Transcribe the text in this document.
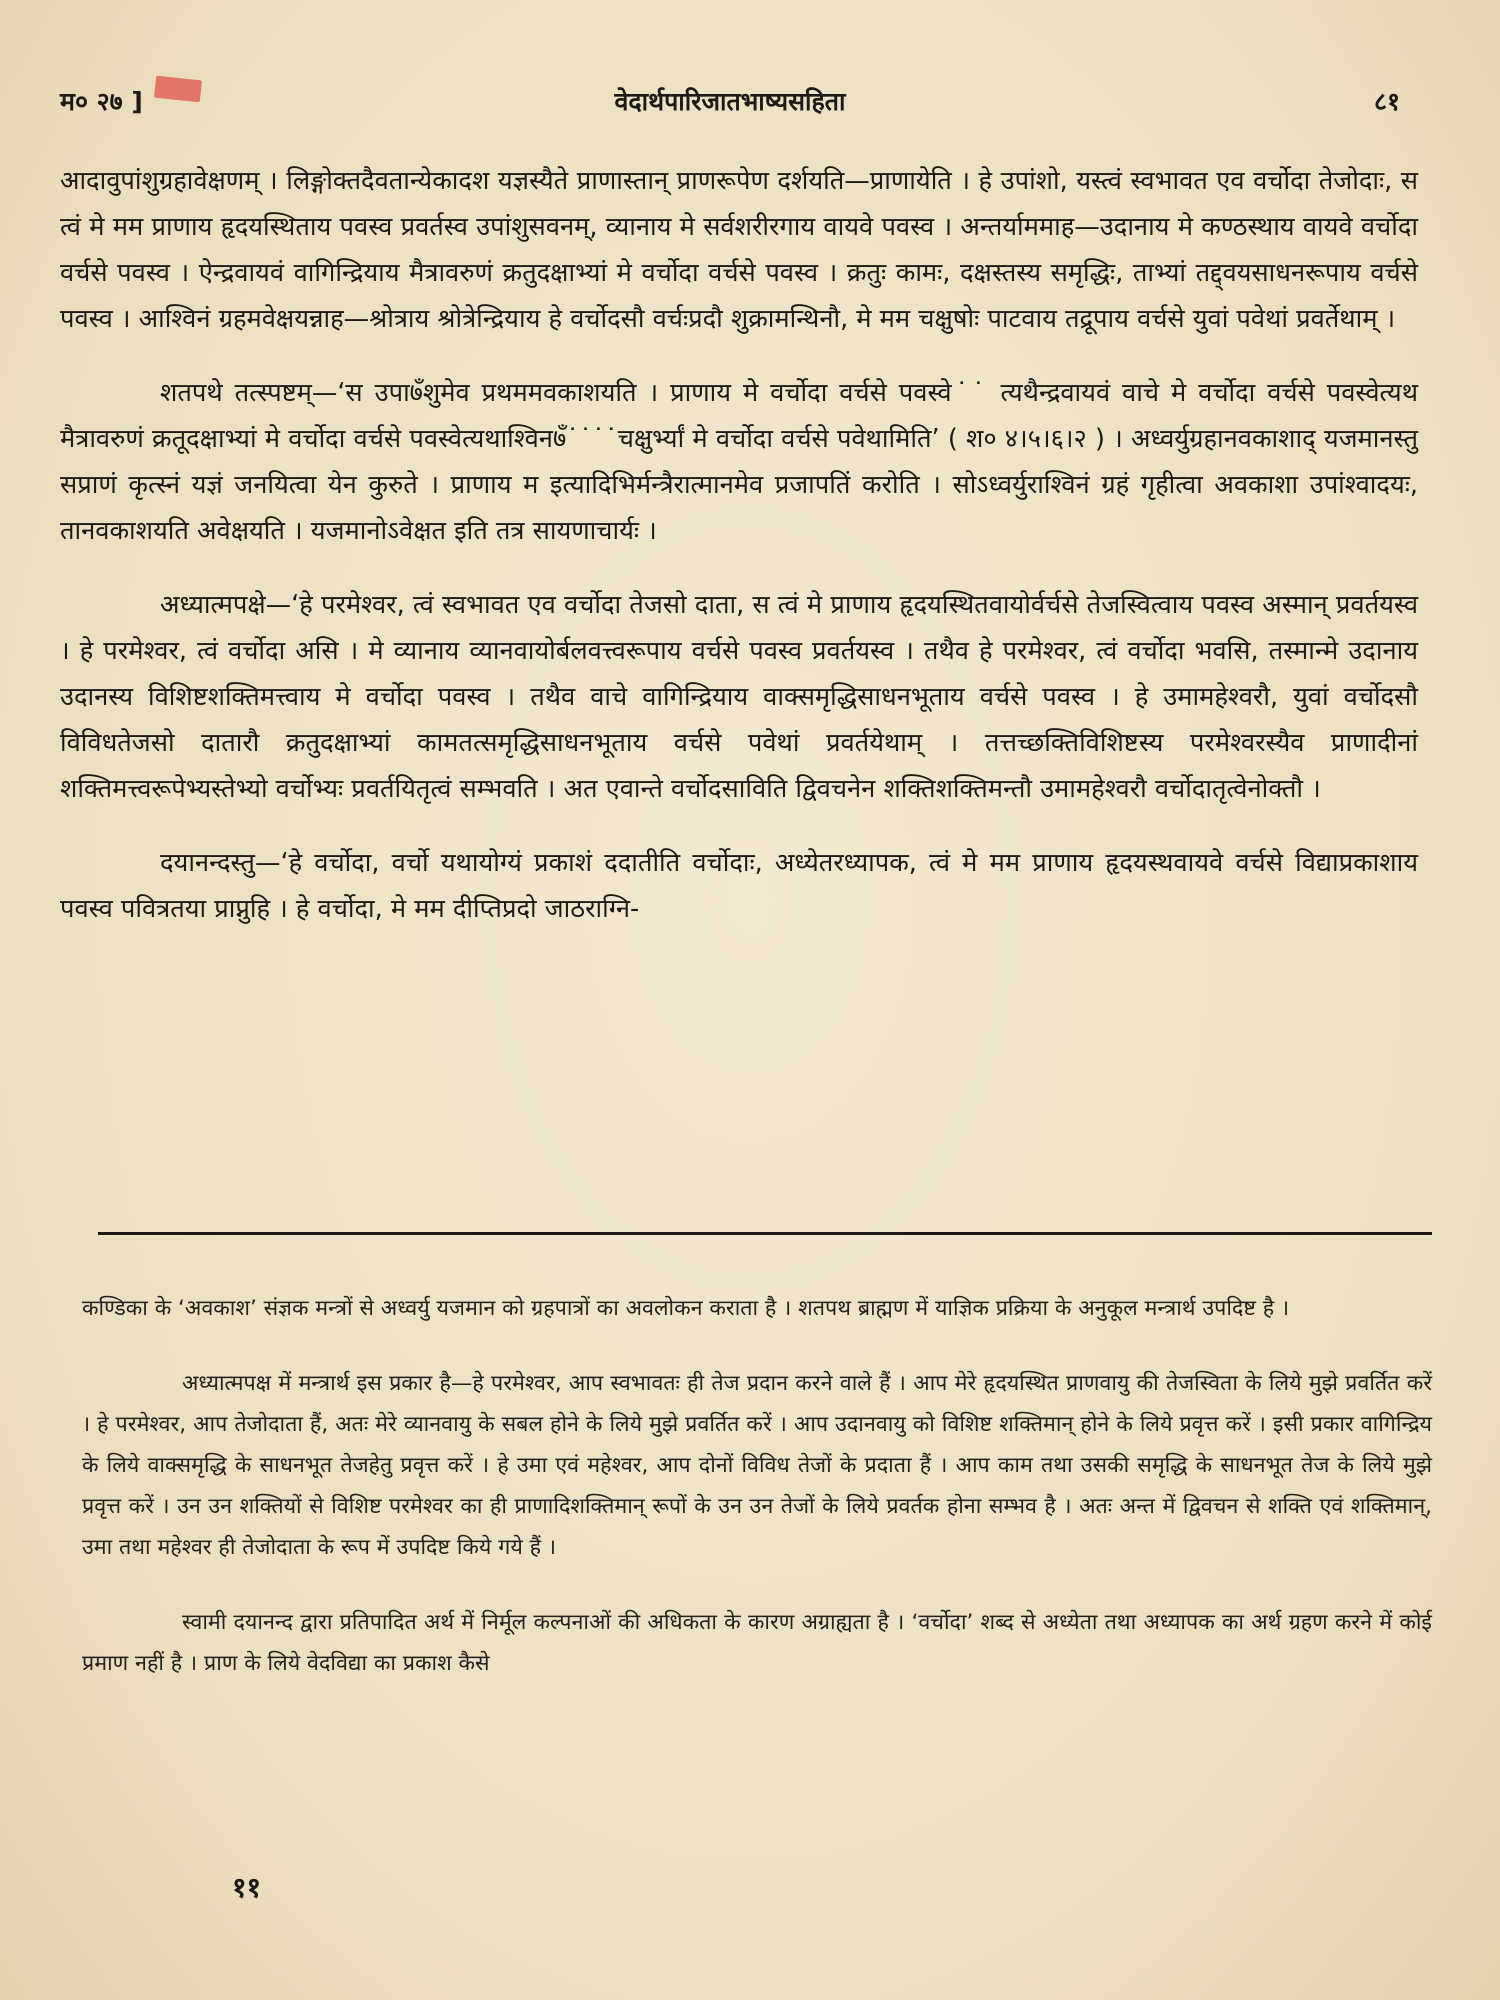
म० २७ ]	वेदार्थपारिजातभाष्यसहिता	८१

आदावुपांशुग्रहावेक्षणम् । लिङ्गोक्तदैवतान्येकादश यज्ञस्यैते प्राणास्तान् प्राणरूपेण दर्शयति—प्राणायेति । हे उपांशो, यस्त्वं स्वभावत एव वर्चोदा तेजोदाः, स त्वं मे मम प्राणाय हृदयस्थिताय पवस्व प्रवर्तस्व उपांशुसवनम्, व्यानाय मे सर्वशरीरगाय वायवे पवस्व । अन्तर्याममाह—उदानाय मे कण्ठस्थाय वायवे वर्चोदा वर्चसे पवस्व । ऐन्द्रवायवं वागिन्द्रियाय मैत्रावरुणं क्रतुदक्षाभ्यां मे वर्चोदा वर्चसे पवस्व । क्रतुः कामः, दक्षस्तस्य समृद्धिः, ताभ्यां तद्द्वयसाधनरूपाय वर्चसे पवस्व । आश्विनं ग्रहमवेक्षयन्नाह—श्रोत्राय श्रोत्रेन्द्रियाय हे वर्चोदसौ वर्चःप्रदौ शुक्रामन्थिनौ, मे मम चक्षुषोः पाटवाय तद्रूपाय वर्चसे युवां पवेथां प्रवर्तेथाम् ।

शतपथे तत्स्पष्टम्—‘स उपा७ँशुमेव प्रथममवकाशयति । प्राणाय मे वर्चोदा वर्चसे पवस्वे˙˙ त्यथैन्द्रवायवं वाचे मे वर्चोदा वर्चसे पवस्वेत्यथ मैत्रावरुणं क्रतूदक्षाभ्यां मे वर्चोदा वर्चसे पवस्वेत्यथाश्विन७ँ˙˙˙˙चक्षुर्भ्यां मे वर्चोदा वर्चसे पवेथामिति’ ( श० ४।५।६।२ ) । अध्वर्युग्रहानवकाशाद् यजमानस्तु सप्राणं कृत्स्नं यज्ञं जनयित्वा येन कुरुते । प्राणाय म इत्यादिभिर्मन्त्रैरात्मानमेव प्रजापतिं करोति । सोऽध्वर्युराश्विनं ग्रहं गृहीत्वा अवकाशा उपांश्वादयः, तानवकाशयति अवेक्षयति । यजमानोऽवेक्षत इति तत्र सायणाचार्यः ।

अध्यात्मपक्षे—‘हे परमेश्वर, त्वं स्वभावत एव वर्चोदा तेजसो दाता, स त्वं मे प्राणाय हृदयस्थितवायोर्वर्चसे तेजस्वित्वाय पवस्व अस्मान् प्रवर्तयस्व । हे परमेश्वर, त्वं वर्चोदा असि । मे व्यानाय व्यानवायोर्बलवत्त्वरूपाय वर्चसे पवस्व प्रवर्तयस्व । तथैव हे परमेश्वर, त्वं वर्चोदा भवसि, तस्मान्मे उदानाय उदानस्य विशिष्टशक्तिमत्त्वाय मे वर्चोदा पवस्व । तथैव वाचे वागिन्द्रियाय वाक्समृद्धिसाधनभूताय वर्चसे पवस्व । हे उमामहेश्वरौ, युवां वर्चोदसौ विविधतेजसो दातारौ क्रतुदक्षाभ्यां कामतत्समृद्धिसाधनभूताय वर्चसे पवेथां प्रवर्तयेथाम् । तत्तच्छक्तिविशिष्टस्य परमेश्वरस्यैव प्राणादीनां शक्तिमत्त्वरूपेभ्यस्तेभ्यो वर्चोभ्यः प्रवर्तयितृत्वं सम्भवति । अत एवान्ते वर्चोदसाविति द्विवचनेन शक्तिशक्तिमन्तौ उमामहेश्वरौ वर्चोदातृत्वेनोक्तौ ।

दयानन्दस्तु—‘हे वर्चोदा, वर्चो यथायोग्यं प्रकाशं ददातीति वर्चोदाः, अध्येतरध्यापक, त्वं मे मम प्राणाय हृदयस्थवायवे वर्चसे विद्याप्रकाशाय पवस्व पवित्रतया प्राप्नुहि । हे वर्चोदा, मे मम दीप्तिप्रदो जाठराग्नि-

कण्डिका के ‘अवकाश’ संज्ञक मन्त्रों से अध्वर्यु यजमान को ग्रहपात्रों का अवलोकन कराता है । शतपथ ब्राह्मण में याज्ञिक प्रक्रिया के अनुकूल मन्त्रार्थ उपदिष्ट है ।

अध्यात्मपक्ष में मन्त्रार्थ इस प्रकार है—हे परमेश्वर, आप स्वभावतः ही तेज प्रदान करने वाले हैं । आप मेरे हृदयस्थित प्राणवायु की तेजस्विता के लिये मुझे प्रवर्तित करें । हे परमेश्वर, आप तेजोदाता हैं, अतः मेरे व्यानवायु के सबल होने के लिये मुझे प्रवर्तित करें । आप उदानवायु को विशिष्ट शक्तिमान् होने के लिये प्रवृत्त करें । इसी प्रकार वागिन्द्रिय के लिये वाक्समृद्धि के साधनभूत तेजहेतु प्रवृत्त करें । हे उमा एवं महेश्वर, आप दोनों विविध तेजों के प्रदाता हैं । आप काम तथा उसकी समृद्धि के साधनभूत तेज के लिये मुझे प्रवृत्त करें । उन उन शक्तियों से विशिष्ट परमेश्वर का ही प्राणादिशक्तिमान् रूपों के उन उन तेजों के लिये प्रवर्तक होना सम्भव है । अतः अन्त में द्विवचन से शक्ति एवं शक्तिमान्, उमा तथा महेश्वर ही तेजोदाता के रूप में उपदिष्ट किये गये हैं ।

स्वामी दयानन्द द्वारा प्रतिपादित अर्थ में निर्मूल कल्पनाओं की अधिकता के कारण अग्राह्यता है । ‘वर्चोदा’ शब्द से अध्येता तथा अध्यापक का अर्थ ग्रहण करने में कोई प्रमाण नहीं है । प्राण के लिये वेदविद्या का प्रकाश कैसे

११
